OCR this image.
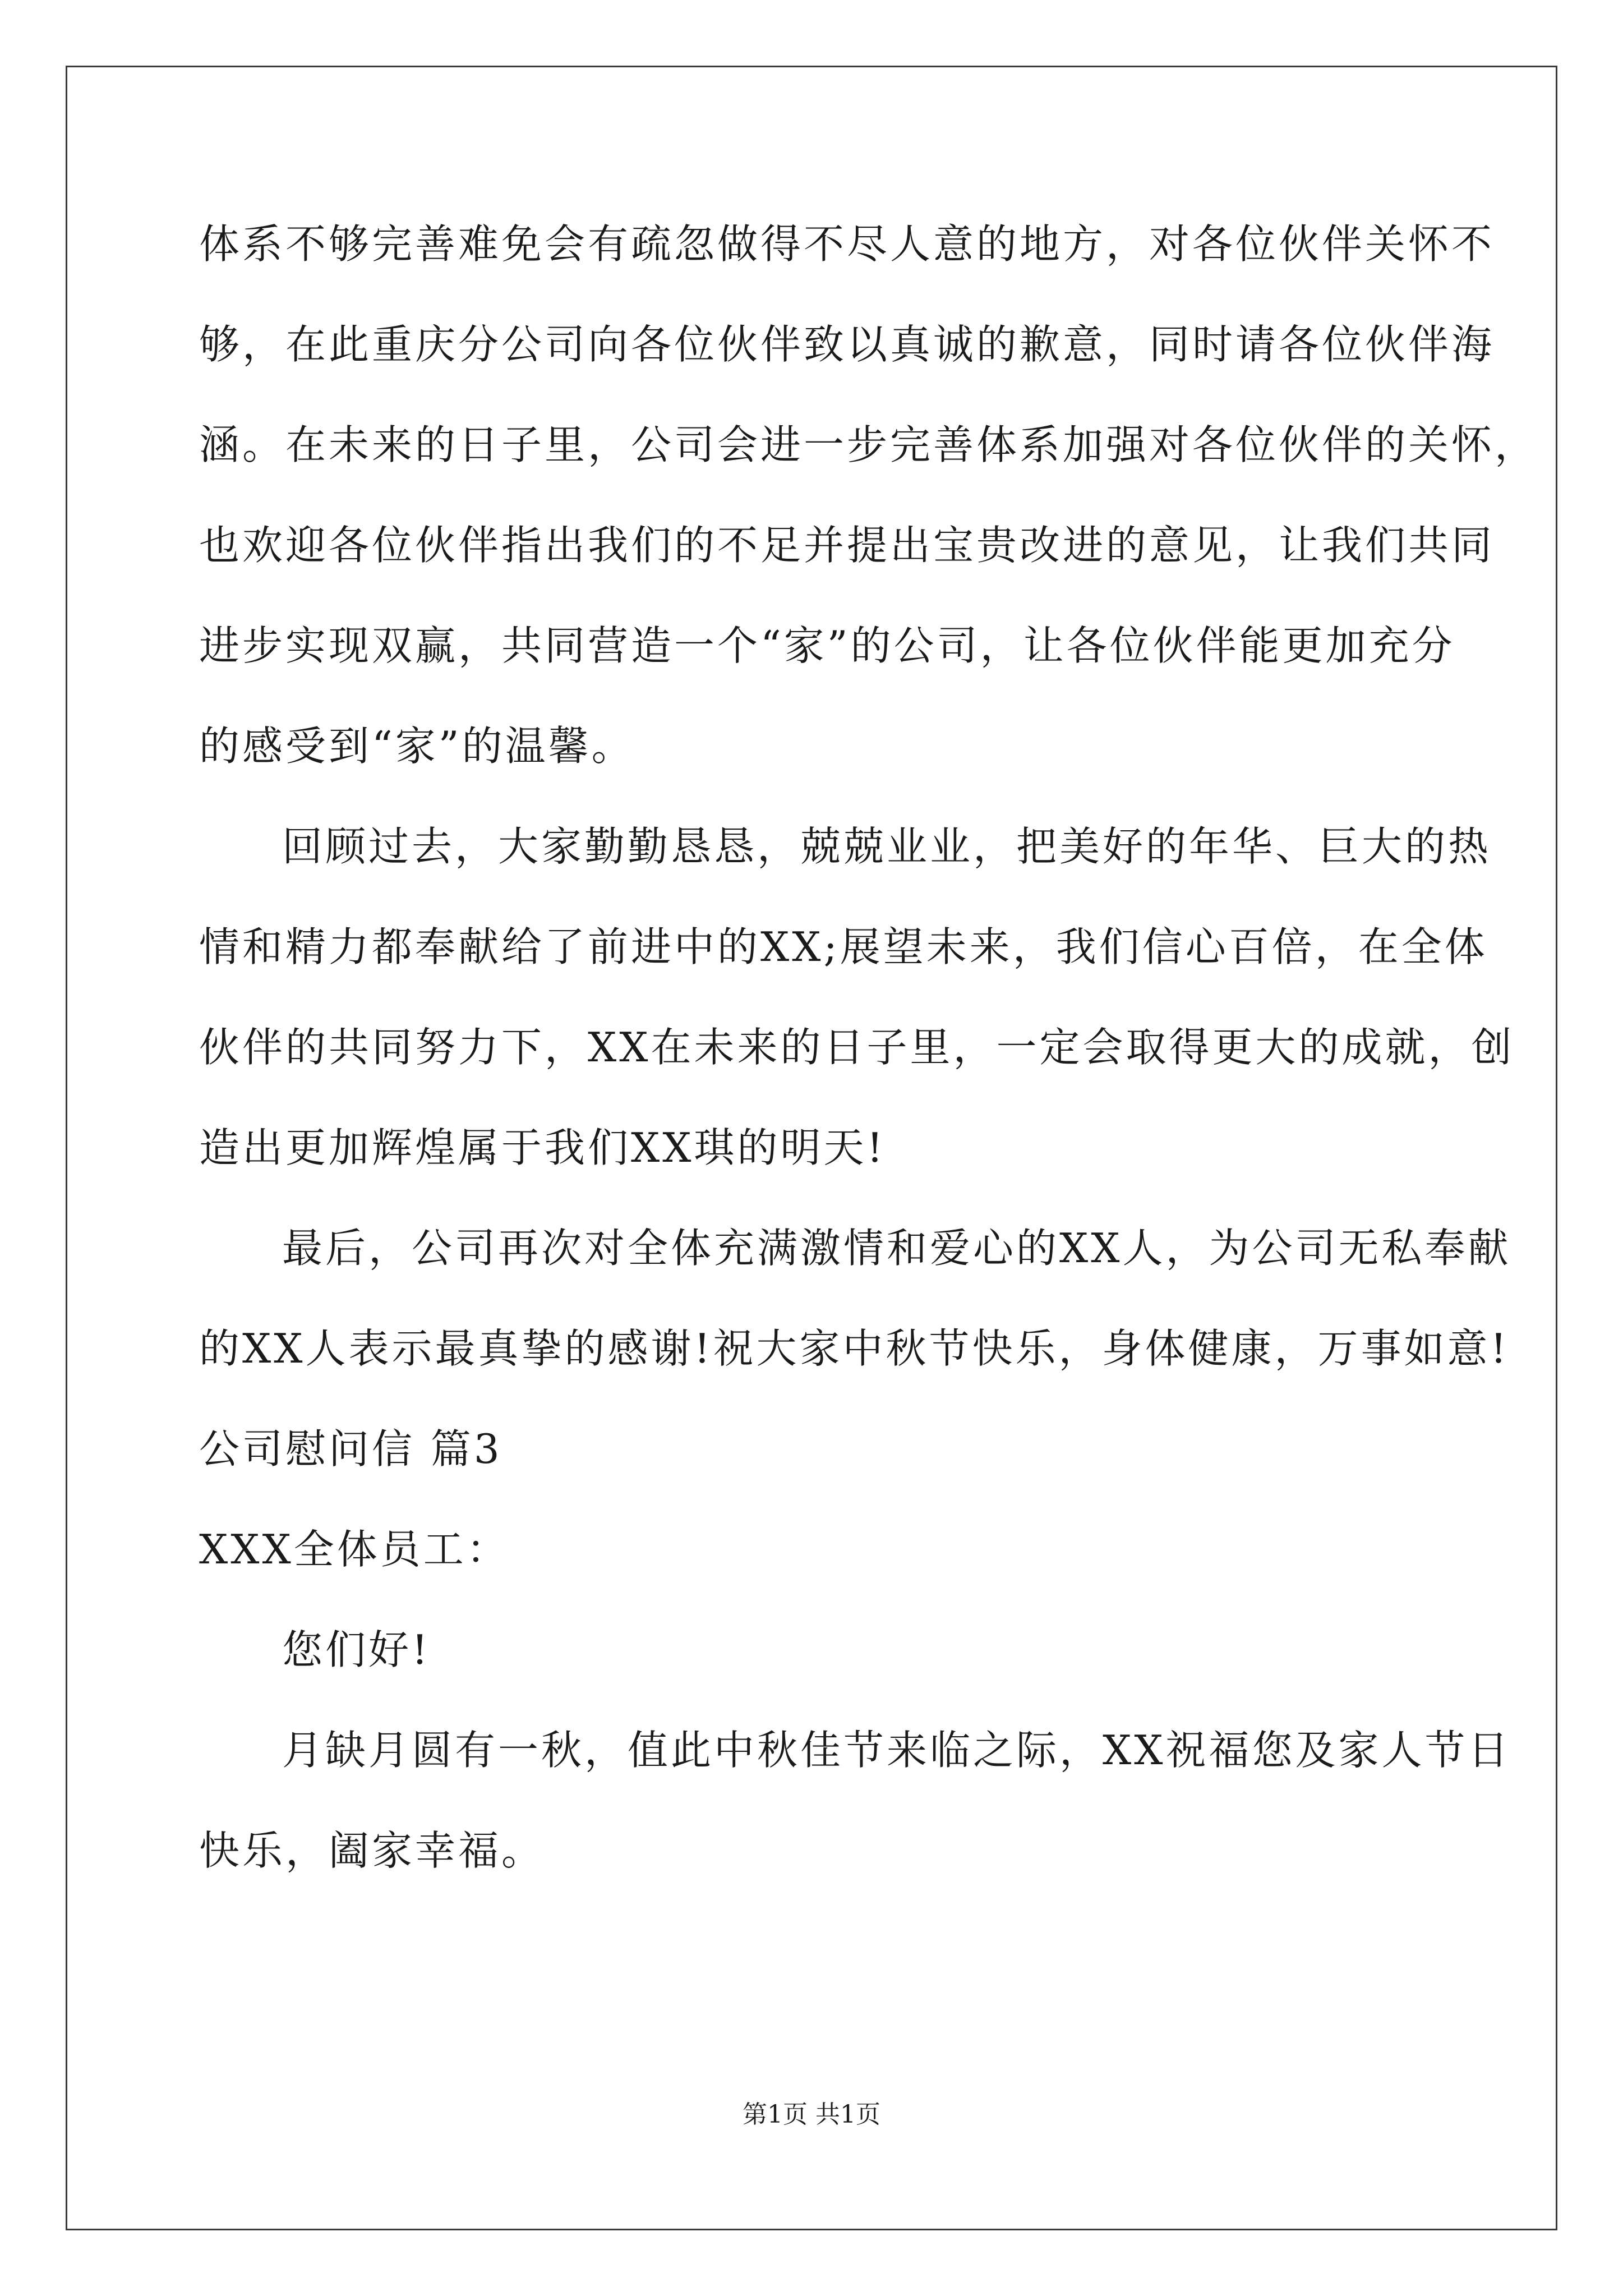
体系不够完善难免会有疏忽做得不尽人意的地方，对各位伙伴关怀不
够，在此重庆分公司向各位伙伴致以真诚的歉意，同时请各位伙伴海
涵。在未来的日子里，公司会进一步完善体系加强对各位伙伴的关怀，
也欢迎各位伙伴指出我们的不足并提出宝贵改进的意见，让我们共同
进步实现双赢，共同营造一个“家”的公司，让各位伙伴能更加充分
的感受到“家”的温馨。
回顾过去，大家勤勤恳恳，兢兢业业，把美好的年华、巨大的热
情和精力都奉献给了前进中的XX;展望未来，我们信心百倍，在全体
伙伴的共同努力下，XX在未来的日子里，一定会取得更大的成就，创
造出更加辉煌属于我们XX琪的明天!
最后，公司再次对全体充满激情和爱心的XX人，为公司无私奉献
的XX人表示最真挚的感谢!祝大家中秋节快乐，身体健康，万事如意!
公司慰问信 篇3
XXX全体员工：
您们好!
月缺月圆有一秋，值此中秋佳节来临之际，XX祝福您及家人节日
快乐，阖家幸福。
第1页 共1页
